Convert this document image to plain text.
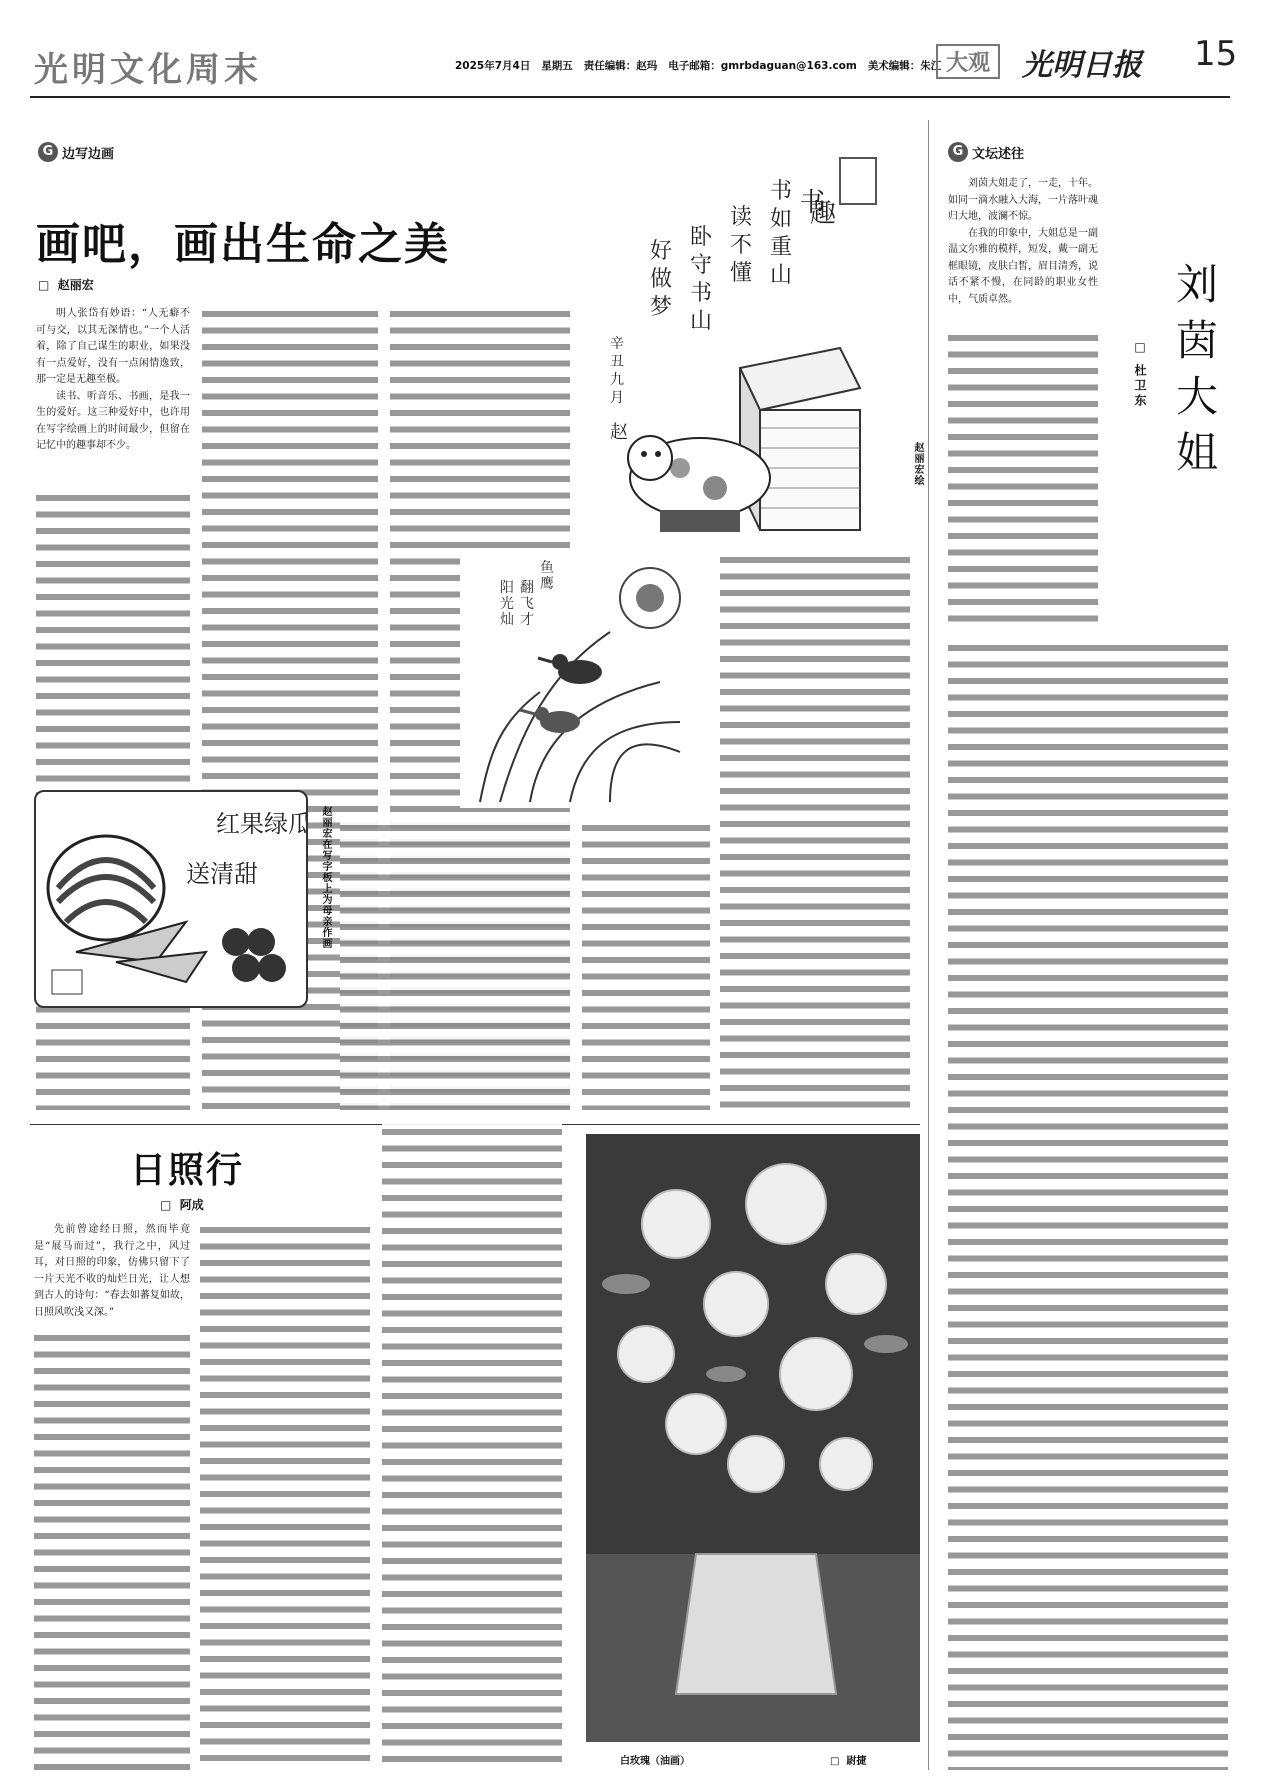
光明文化周末	2025年7月4日 星期五 责任编辑：赵玛 电子邮箱：gmrbdaguan@163.com 美术编辑：朱江 大观	光明日报 15
G 边写边画
画吧，画出生命之美
□ 赵丽宏
书
趣
书
如
重
山
读
不
懂
卧
守
书
山
好
做
梦
辛
丑
九
月
赵
赵丽宏绘

明人张岱有妙语：“人无癖不可与交，以其无深情也。”一个人活着，除了自己谋生的职业，如果没有一点爱好，没有一点闲情逸致，那一定是无趣至极。

读书、听音乐、书画，是我一生的爱好。这三种爱好中，也许用在写字绘画上的时间最少，但留在记忆中的趣事却不少。

鱼
鹰
翻
飞
才
阳
光
灿
红果绿瓜
送清甜	赵丽宏在写字板上为母亲作画
日照行
□ 阿成

先前曾途经日照，然而毕竟是“展马而过”，我行之中，风过耳，对日照的印象，仿佛只留下了一片天光不收的灿烂日光，让人想到古人的诗句：“春去如蕃复如故，日照风吹浅又深。”

白玫瑰（油画）	□ 尉捷
G 文坛述往

刘茵大姐走了，一走，十年。如同一滴水融入大海，一片落叶魂归大地，波澜不惊。

在我的印象中，大姐总是一副温文尔雅的模样，短发，戴一副无框眼镜，皮肤白皙，眉目清秀，说话不紧不慢，在同龄的职业女性中，气质卓然。	刘茵大姐
□ 杜卫东
